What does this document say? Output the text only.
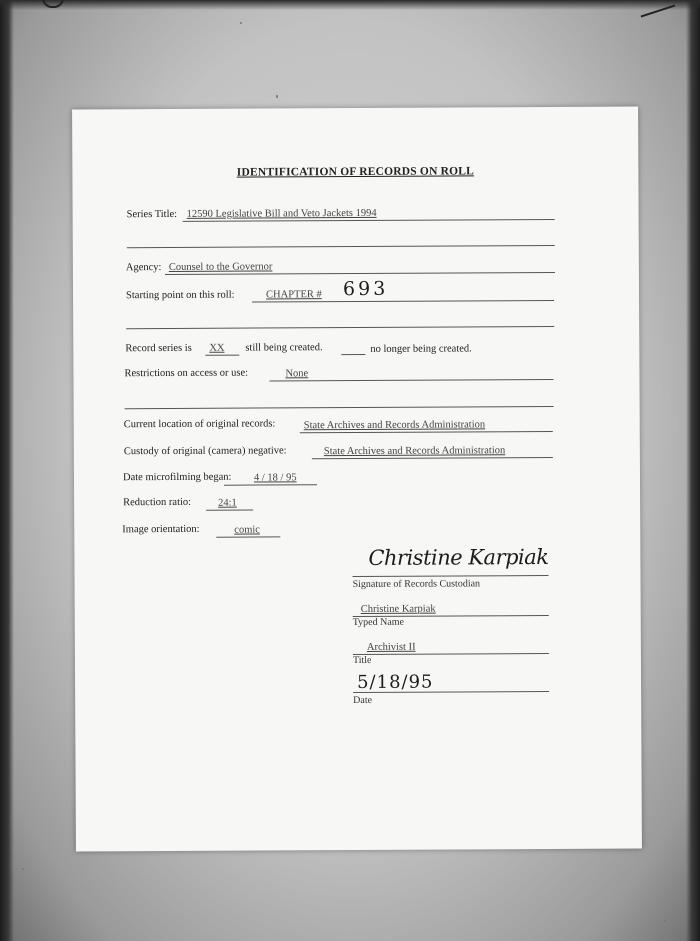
IDENTIFICATION OF RECORDS ON ROLL
Series Title: 12590 Legislative Bill and Veto Jackets 1994
Agency: Counsel to the Governor
Starting point on this roll:	CHAPTER #	693
Record series is	XX	still being created.	no longer being created.
Restrictions on access or use:	None
Current location of original records:	State Archives and Records Administration
Custody of original (camera) negative:	State Archives and Records Administration
Date microfilming began:	4 / 18 / 95
Reduction ratio:	24:1
Image orientation:	comic
Christine Karpiak
Signature of Records Custodian
Christine Karpiak
Typed Name
Archivist II
Title
5/18/95
Date
